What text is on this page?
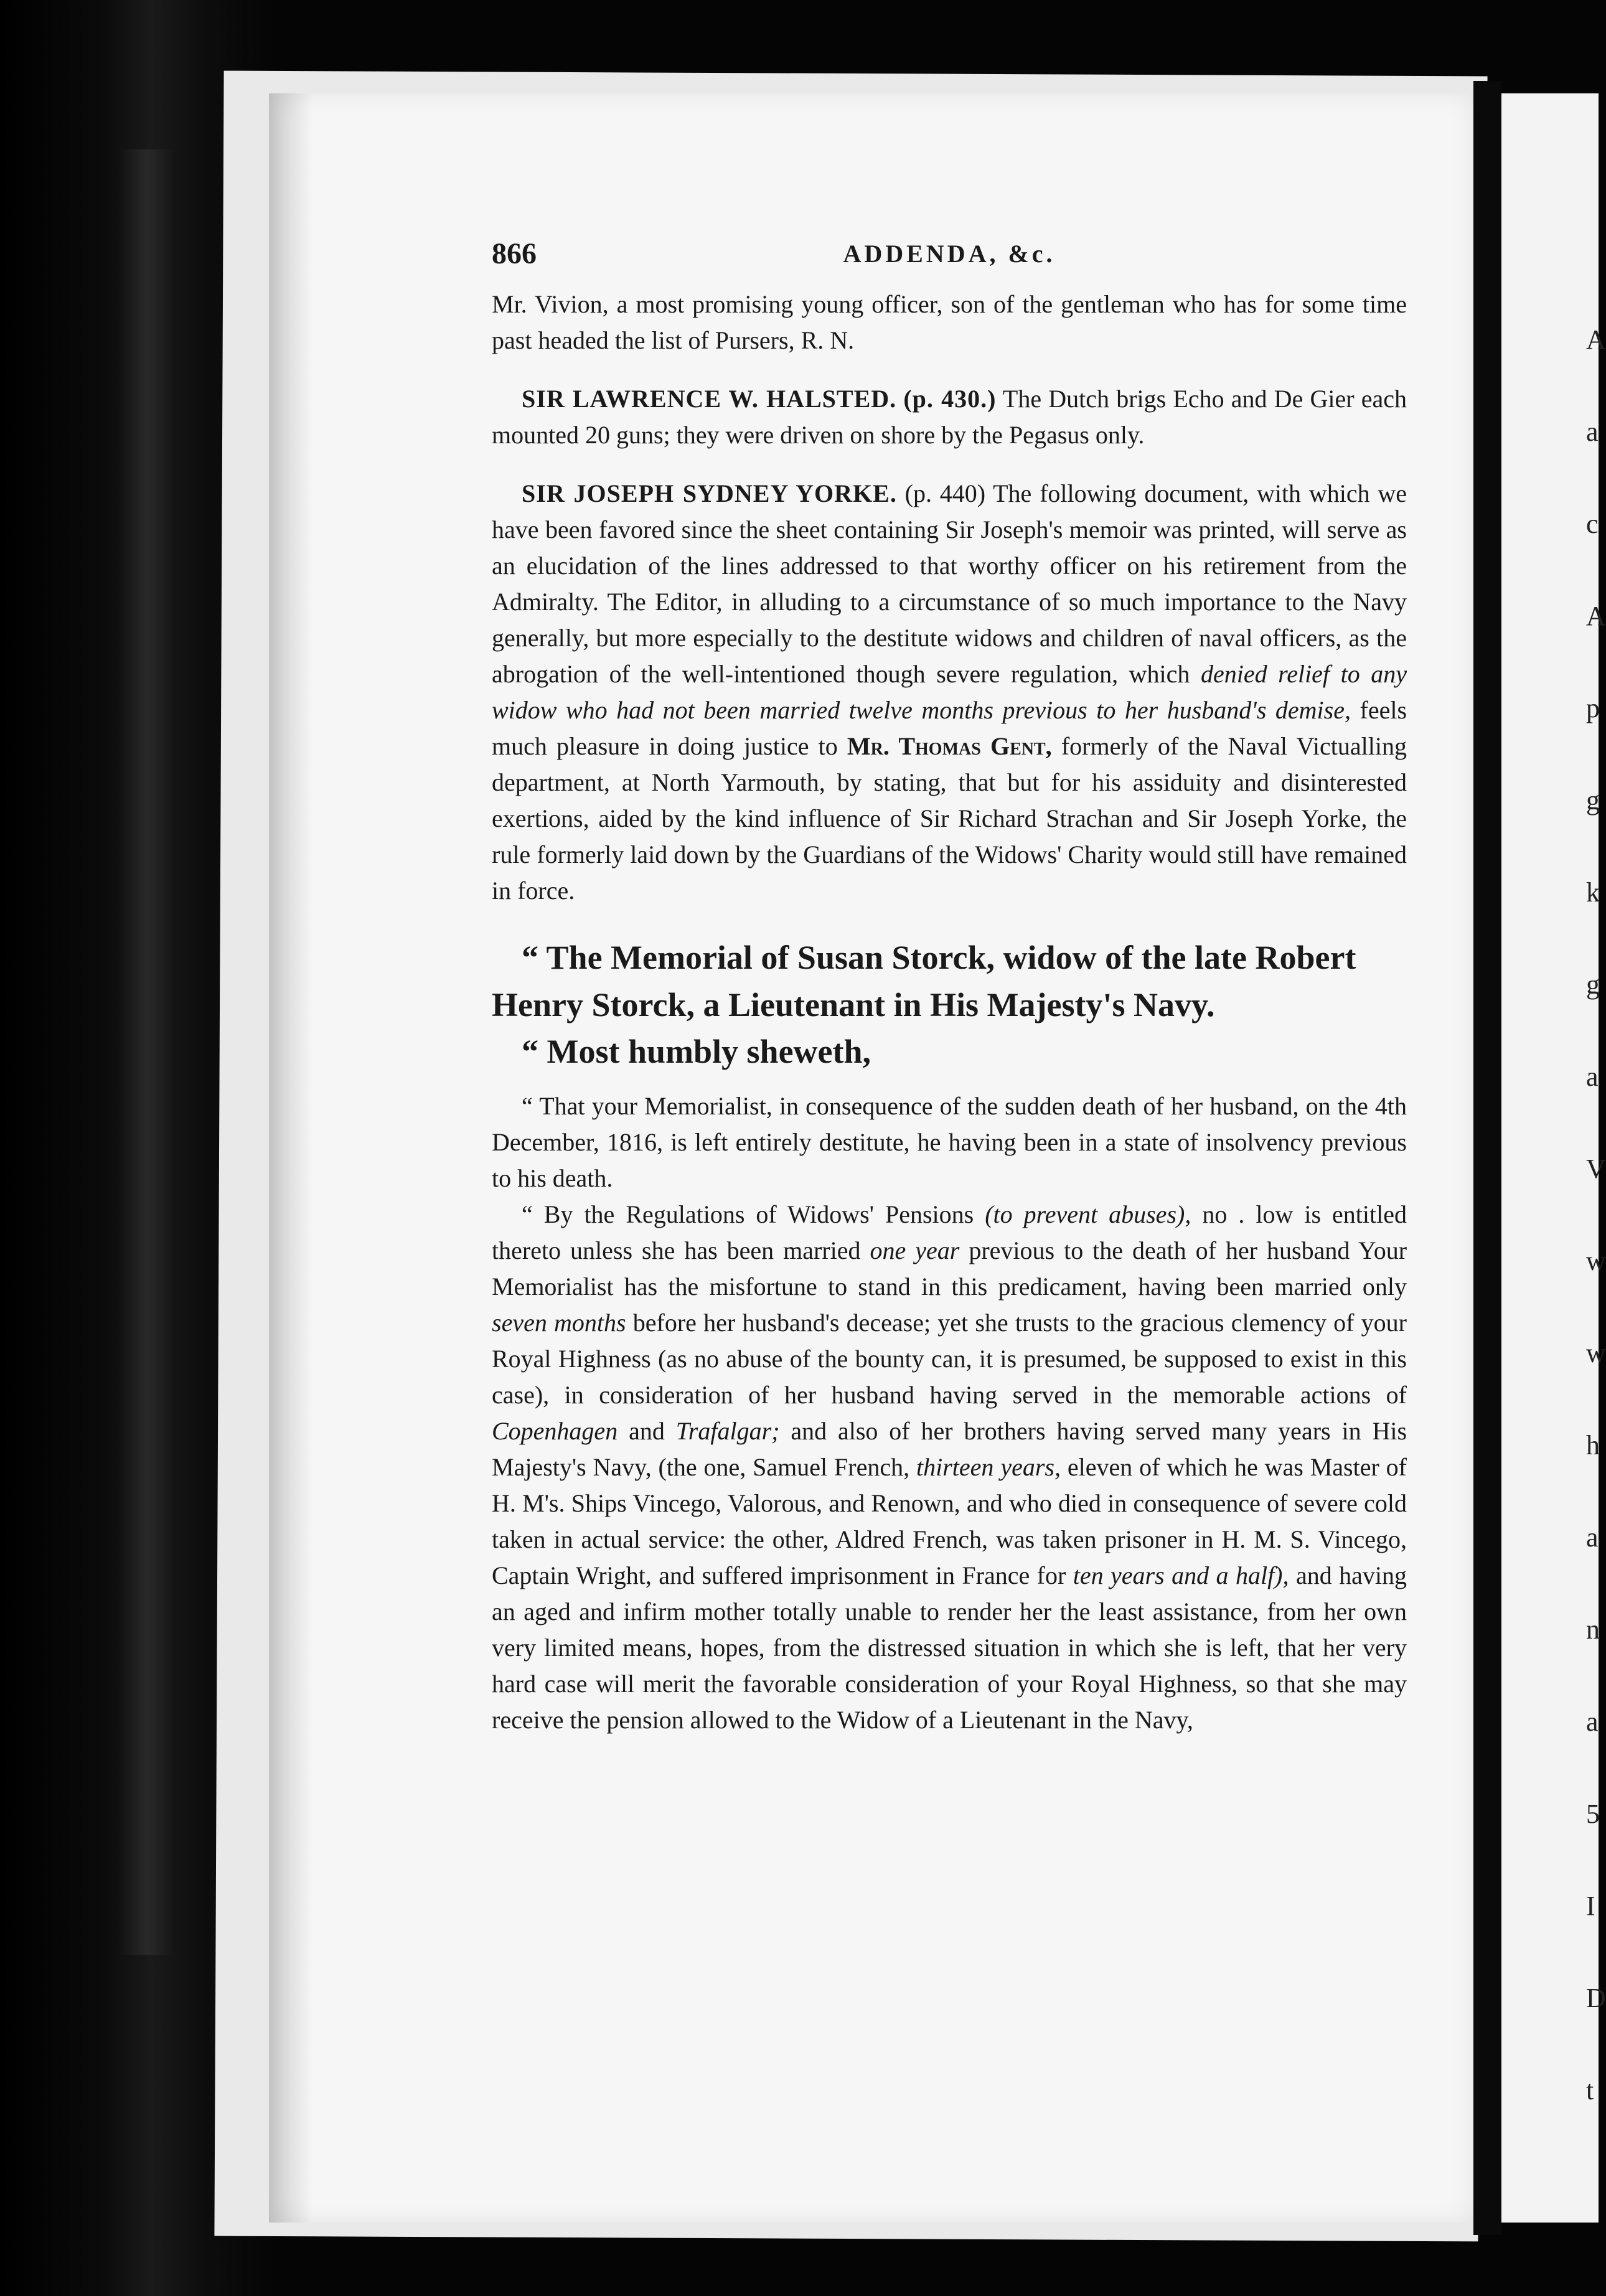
866	ADDENDA, &c.

Mr. Vivion, a most promising young officer, son of the gentleman who has for some time past headed the list of Pursers, R. N.

SIR LAWRENCE W. HALSTED. (p. 430.) The Dutch brigs Echo and De Gier each mounted 20 guns; they were driven on shore by the Pegasus only.

SIR JOSEPH SYDNEY YORKE. (p. 440) The following document, with which we have been favored since the sheet containing Sir Joseph's memoir was printed, will serve as an elucidation of the lines addressed to that worthy officer on his retirement from the Admiralty. The Editor, in alluding to a circumstance of so much importance to the Navy generally, but more especially to the destitute widows and children of naval officers, as the abrogation of the well-intentioned though severe regulation, which denied relief to any widow who had not been married twelve months previous to her husband's demise, feels much pleasure in doing justice to Mr. Thomas Gent, formerly of the Naval Victualling department, at North Yarmouth, by stating, that but for his assiduity and disinterested exertions, aided by the kind influence of Sir Richard Strachan and Sir Joseph Yorke, the rule formerly laid down by the Guardians of the Widows' Charity would still have remained in force.

“ The Memorial of Susan Storck, widow of the late Robert Henry Storck, a Lieutenant in His Majesty's Navy.

“ Most humbly sheweth,

“ That your Memorialist, in consequence of the sudden death of her husband, on the 4th December, 1816, is left entirely destitute, he having been in a state of insolvency previous to his death.

“ By the Regulations of Widows' Pensions (to prevent abuses), no . low is entitled thereto unless she has been married one year previous to the death of her husband Your Memorialist has the misfortune to stand in this predicament, having been married only seven months before her husband's decease; yet she trusts to the gracious clemency of your Royal Highness (as no abuse of the bounty can, it is presumed, be supposed to exist in this case), in consideration of her husband having served in the memorable actions of Copenhagen and Trafalgar; and also of her brothers having served many years in His Majesty's Navy, (the one, Samuel French, thirteen years, eleven of which he was Master of H. M's. Ships Vincego, Valorous, and Renown, and who died in consequence of severe cold taken in actual service: the other, Aldred French, was taken prisoner in H. M. S. Vincego, Captain Wright, and suffered imprisonment in France for ten years and a half), and having an aged and infirm mother totally unable to render her the least assistance, from her own very limited means, hopes, from the distressed situation in which she is left, that her very hard case will merit the favorable consideration of your Royal Highness, so that she may receive the pension allowed to the Widow of a Lieutenant in the Navy,

A
a
c
A
p
g
k
g
a
V
w
w
h
a
n
a
5
I
D
t
